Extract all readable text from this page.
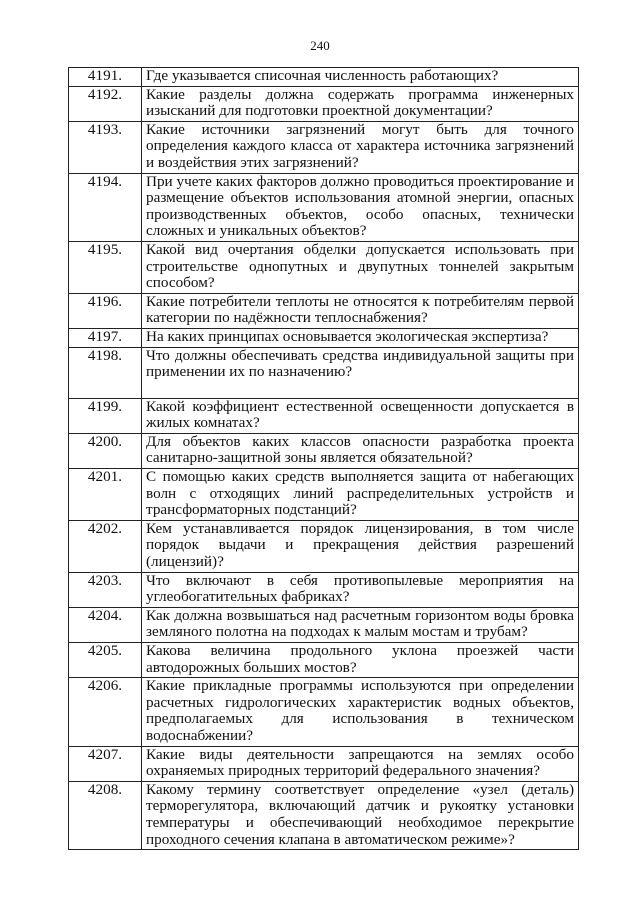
240
4191.	Где указывается списочная численность работающих?
4192.	Какие разделы должна содержать программа инженерных изысканий для подготовки проектной документации?
4193.	Какие источники загрязнений могут быть для точного определения каждого класса от характера источника загрязнений и воздействия этих загрязнений?
4194.	При учете каких факторов должно проводиться проектирование и размещение объектов использования атомной энергии, опасных производственных объектов, особо опасных, технически сложных и уникальных объектов?
4195.	Какой вид очертания обделки допускается использовать при строительстве однопутных и двупутных тоннелей закрытым способом?
4196.	Какие потребители теплоты не относятся к потребителям первой категории по надёжности теплоснабжения?
4197.	На каких принципах основывается экологическая экспертиза?
4198.	Что должны обеспечивать средства индивидуальной защиты при применении их по назначению?
4199.	Какой коэффициент естественной освещенности допускается в жилых комнатах?
4200.	Для объектов каких классов опасности разработка проекта санитарно-защитной зоны является обязательной?
4201.	С помощью каких средств выполняется защита от набегающих волн с отходящих линий распределительных устройств и трансформаторных подстанций?
4202.	Кем устанавливается порядок лицензирования, в том числе порядок выдачи и прекращения действия разрешений (лицензий)?
4203.	Что включают в себя противопылевые мероприятия на углеобогатительных фабриках?
4204.	Как должна возвышаться над расчетным горизонтом воды бровка земляного полотна на подходах к малым мостам и трубам?
4205.	Какова величина продольного уклона проезжей части автодорожных больших мостов?
4206.	Какие прикладные программы используются при определении расчетных гидрологических характеристик водных объектов, предполагаемых для использования в техническом водоснабжении?
4207.	Какие виды деятельности запрещаются на землях особо охраняемых природных территорий федерального значения?
4208.	Какому термину соответствует определение «узел (деталь) терморегулятора, включающий датчик и рукоятку установки температуры и обеспечивающий необходимое перекрытие проходного сечения клапана в автоматическом режиме»?
